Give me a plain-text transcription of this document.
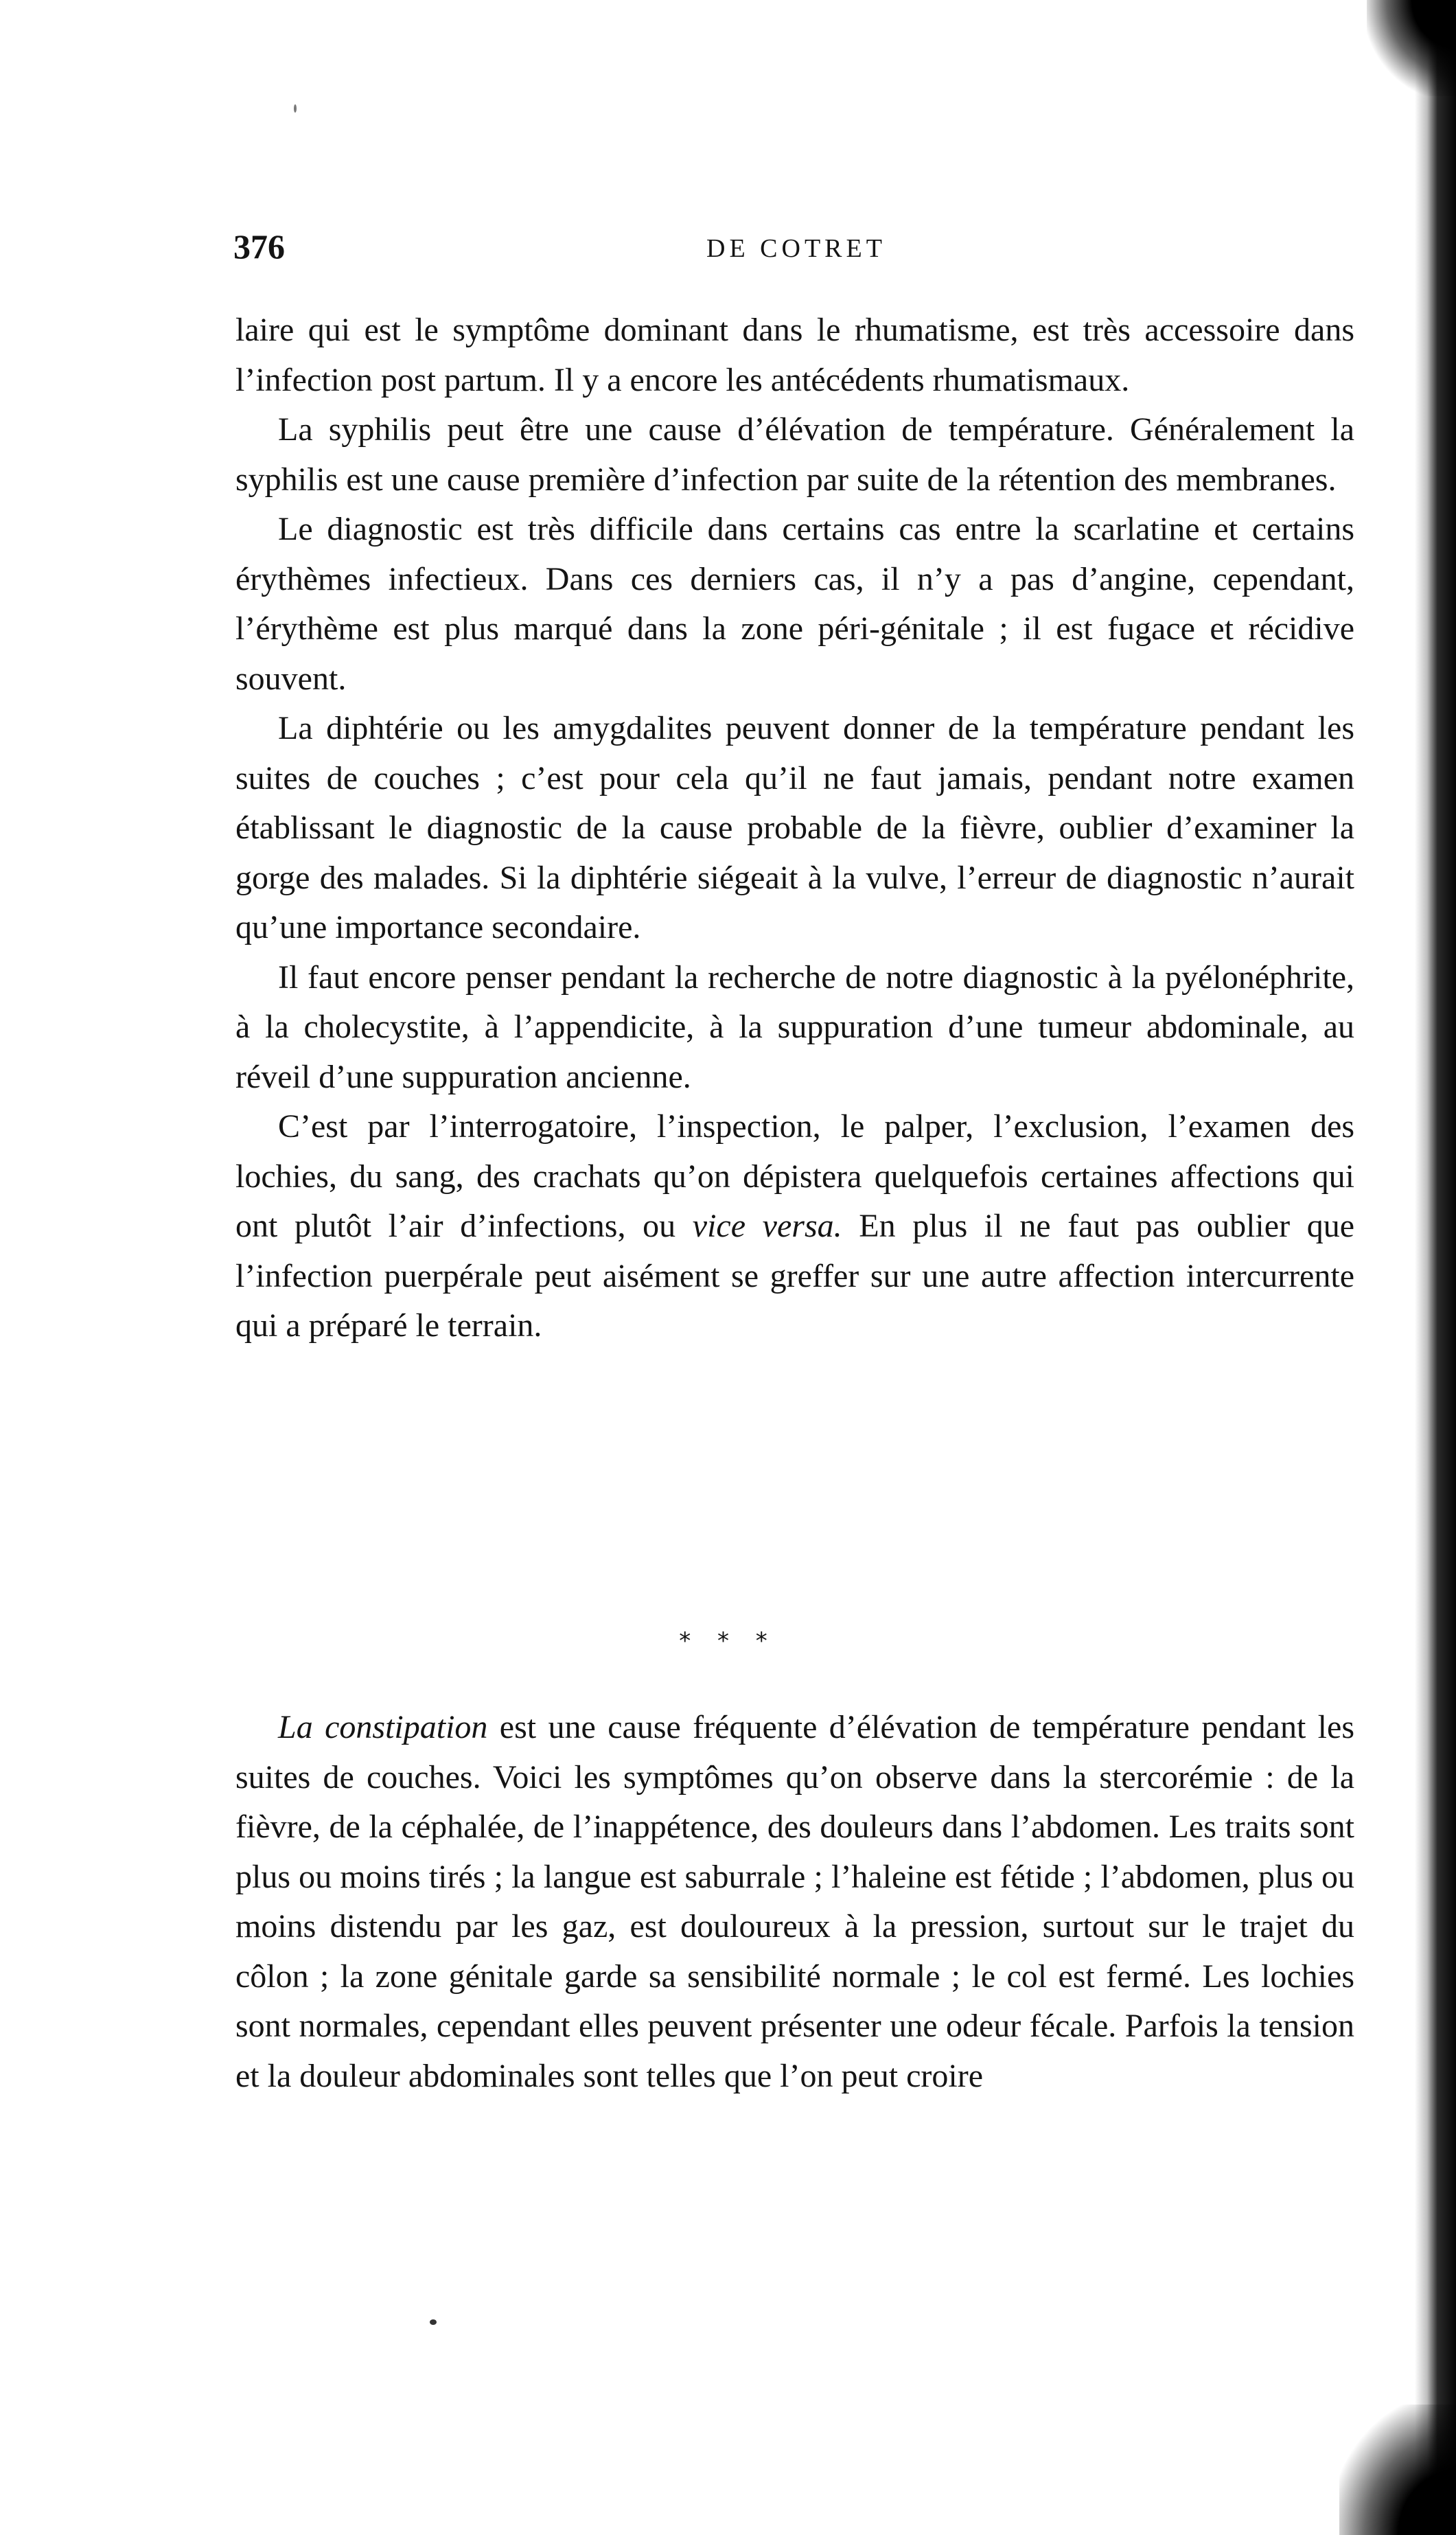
376	DE COTRET

laire qui est le symptôme dominant dans le rhumatisme, est très accessoire dans l’infection post partum. Il y a encore les antécédents rhumatismaux.

La syphilis peut être une cause d’élévation de température. Généralement la syphilis est une cause première d’infection par suite de la rétention des membranes.

Le diagnostic est très difficile dans certains cas entre la scarlatine et certains érythèmes infectieux. Dans ces derniers cas, il n’y a pas d’angine, cependant, l’érythème est plus marqué dans la zone péri-génitale ; il est fugace et récidive souvent.

La diphtérie ou les amygdalites peuvent donner de la température pendant les suites de couches ; c’est pour cela qu’il ne faut jamais, pendant notre examen établissant le diagnostic de la cause probable de la fièvre, oublier d’examiner la gorge des malades. Si la diphtérie siégeait à la vulve, l’erreur de diagnostic n’aurait qu’une importance secondaire.

Il faut encore penser pendant la recherche de notre diagnostic à la pyélonéphrite, à la cholecystite, à l’appendicite, à la suppuration d’une tumeur abdominale, au réveil d’une suppuration ancienne.

C’est par l’interrogatoire, l’inspection, le palper, l’exclusion, l’examen des lochies, du sang, des crachats qu’on dépistera quelquefois certaines affections qui ont plutôt l’air d’infections, ou vice versa. En plus il ne faut pas oublier que l’infection puerpérale peut aisément se greffer sur une autre affection intercurrente qui a préparé le terrain.

* * *

La constipation est une cause fréquente d’élévation de température pendant les suites de couches. Voici les symptômes qu’on observe dans la stercorémie : de la fièvre, de la céphalée, de l’inappétence, des douleurs dans l’abdomen. Les traits sont plus ou moins tirés ; la langue est saburrale ; l’haleine est fétide ; l’abdomen, plus ou moins distendu par les gaz, est douloureux à la pression, surtout sur le trajet du côlon ; la zone génitale garde sa sensibilité normale ; le col est fermé. Les lochies sont normales, cependant elles peuvent présenter une odeur fécale. Parfois la tension et la douleur abdominales sont telles que l’on peut croire
